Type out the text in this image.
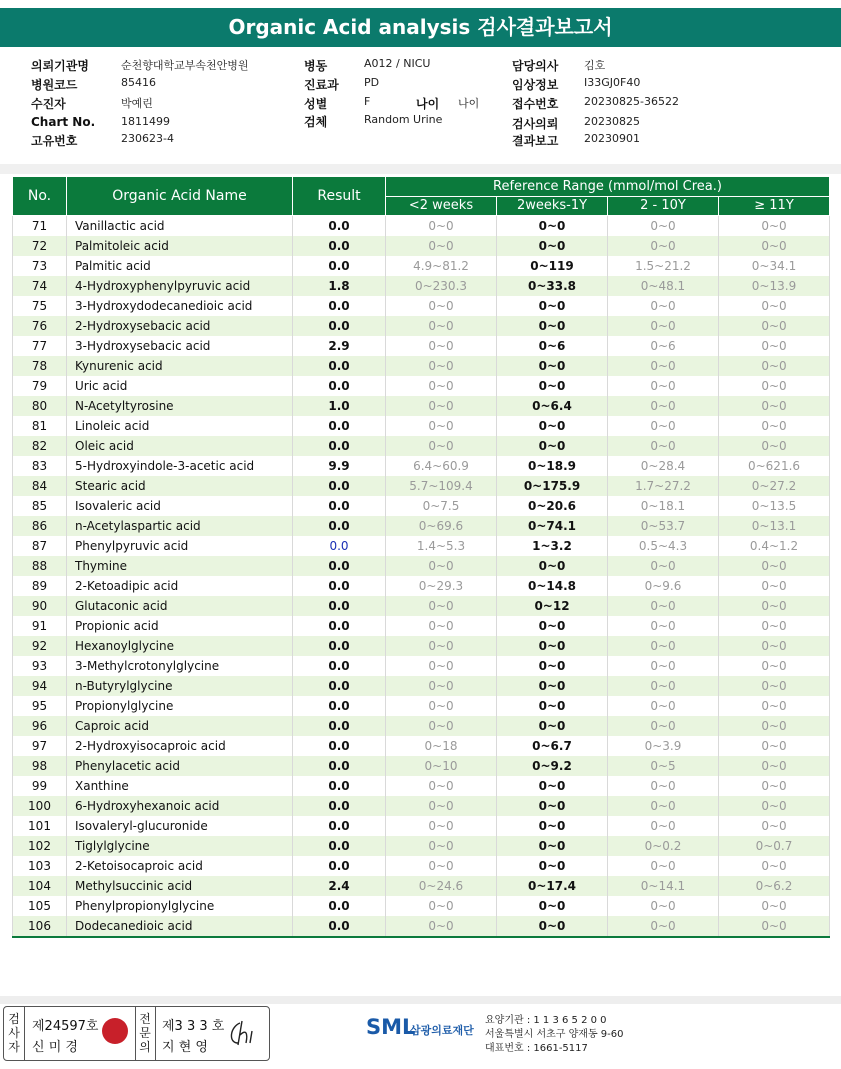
Organic Acid analysis 검사결과보고서
의뢰기관명	순천향대학교부속천안병원
병원코드	85416
수진자	박예린
Chart No. 1811499
고유번호	230623-4
병동	A012 / NICU
진료과 PD
성별	F	나이 나이
검체	Random Urine
담당의사 김호
임상정보 I33GJ0F40
접수번호 20230825-36522
검사의뢰 20230825
결과보고 20230901
No.	Organic Acid Name	Result	Reference Range (mmol/mol Crea.)			
			<2 weeks	2weeks-1Y	2 - 10Y	≥ 11Y
71	Vanillactic acid	0.0	0~0	0~0	0~0	0~0
72	Palmitoleic acid	0.0	0~0	0~0	0~0	0~0
73	Palmitic acid	0.0	4.9~81.2	0~119	1.5~21.2	0~34.1
74	4-Hydroxyphenylpyruvic acid	1.8	0~230.3	0~33.8	0~48.1	0~13.9
75	3-Hydroxydodecanedioic acid	0.0	0~0	0~0	0~0	0~0
76	2-Hydroxysebacic acid	0.0	0~0	0~0	0~0	0~0
77	3-Hydroxysebacic acid	2.9	0~0	0~6	0~6	0~0
78	Kynurenic acid	0.0	0~0	0~0	0~0	0~0
79	Uric acid	0.0	0~0	0~0	0~0	0~0
80	N-Acetyltyrosine	1.0	0~0	0~6.4	0~0	0~0
81	Linoleic acid	0.0	0~0	0~0	0~0	0~0
82	Oleic acid	0.0	0~0	0~0	0~0	0~0
83	5-Hydroxyindole-3-acetic acid	9.9	6.4~60.9	0~18.9	0~28.4	0~621.6
84	Stearic acid	0.0	5.7~109.4	0~175.9	1.7~27.2	0~27.2
85	Isovaleric acid	0.0	0~7.5	0~20.6	0~18.1	0~13.5
86	n-Acetylaspartic acid	0.0	0~69.6	0~74.1	0~53.7	0~13.1
87	Phenylpyruvic acid	0.0	1.4~5.3	1~3.2	0.5~4.3	0.4~1.2
88	Thymine	0.0	0~0	0~0	0~0	0~0
89	2-Ketoadipic acid	0.0	0~29.3	0~14.8	0~9.6	0~0
90	Glutaconic acid	0.0	0~0	0~12	0~0	0~0
91	Propionic acid	0.0	0~0	0~0	0~0	0~0
92	Hexanoylglycine	0.0	0~0	0~0	0~0	0~0
93	3-Methylcrotonylglycine	0.0	0~0	0~0	0~0	0~0
94	n-Butyrylglycine	0.0	0~0	0~0	0~0	0~0
95	Propionylglycine	0.0	0~0	0~0	0~0	0~0
96	Caproic acid	0.0	0~0	0~0	0~0	0~0
97	2-Hydroxyisocaproic acid	0.0	0~18	0~6.7	0~3.9	0~0
98	Phenylacetic acid	0.0	0~10	0~9.2	0~5	0~0
99	Xanthine	0.0	0~0	0~0	0~0	0~0
100	6-Hydroxyhexanoic acid	0.0	0~0	0~0	0~0	0~0
101	Isovaleryl-glucuronide	0.0	0~0	0~0	0~0	0~0
102	Tiglylglycine	0.0	0~0	0~0	0~0.2	0~0.7
103	2-Ketoisocaproic acid	0.0	0~0	0~0	0~0	0~0
104	Methylsuccinic acid	2.4	0~24.6	0~17.4	0~14.1	0~6.2
105	Phenylpropionylglycine	0.0	0~0	0~0	0~0	0~0
106	Dodecanedioic acid	0.0	0~0	0~0	0~0	0~0
검사자
제24597호
신 미 경
전문의
제3 3 3 호
지 현 영
SML
삼광의료재단
요양기관 : 1 1 3 6 5 2 0 0
서울특별시 서초구 양재동 9-60
대표번호 : 1661-5117
